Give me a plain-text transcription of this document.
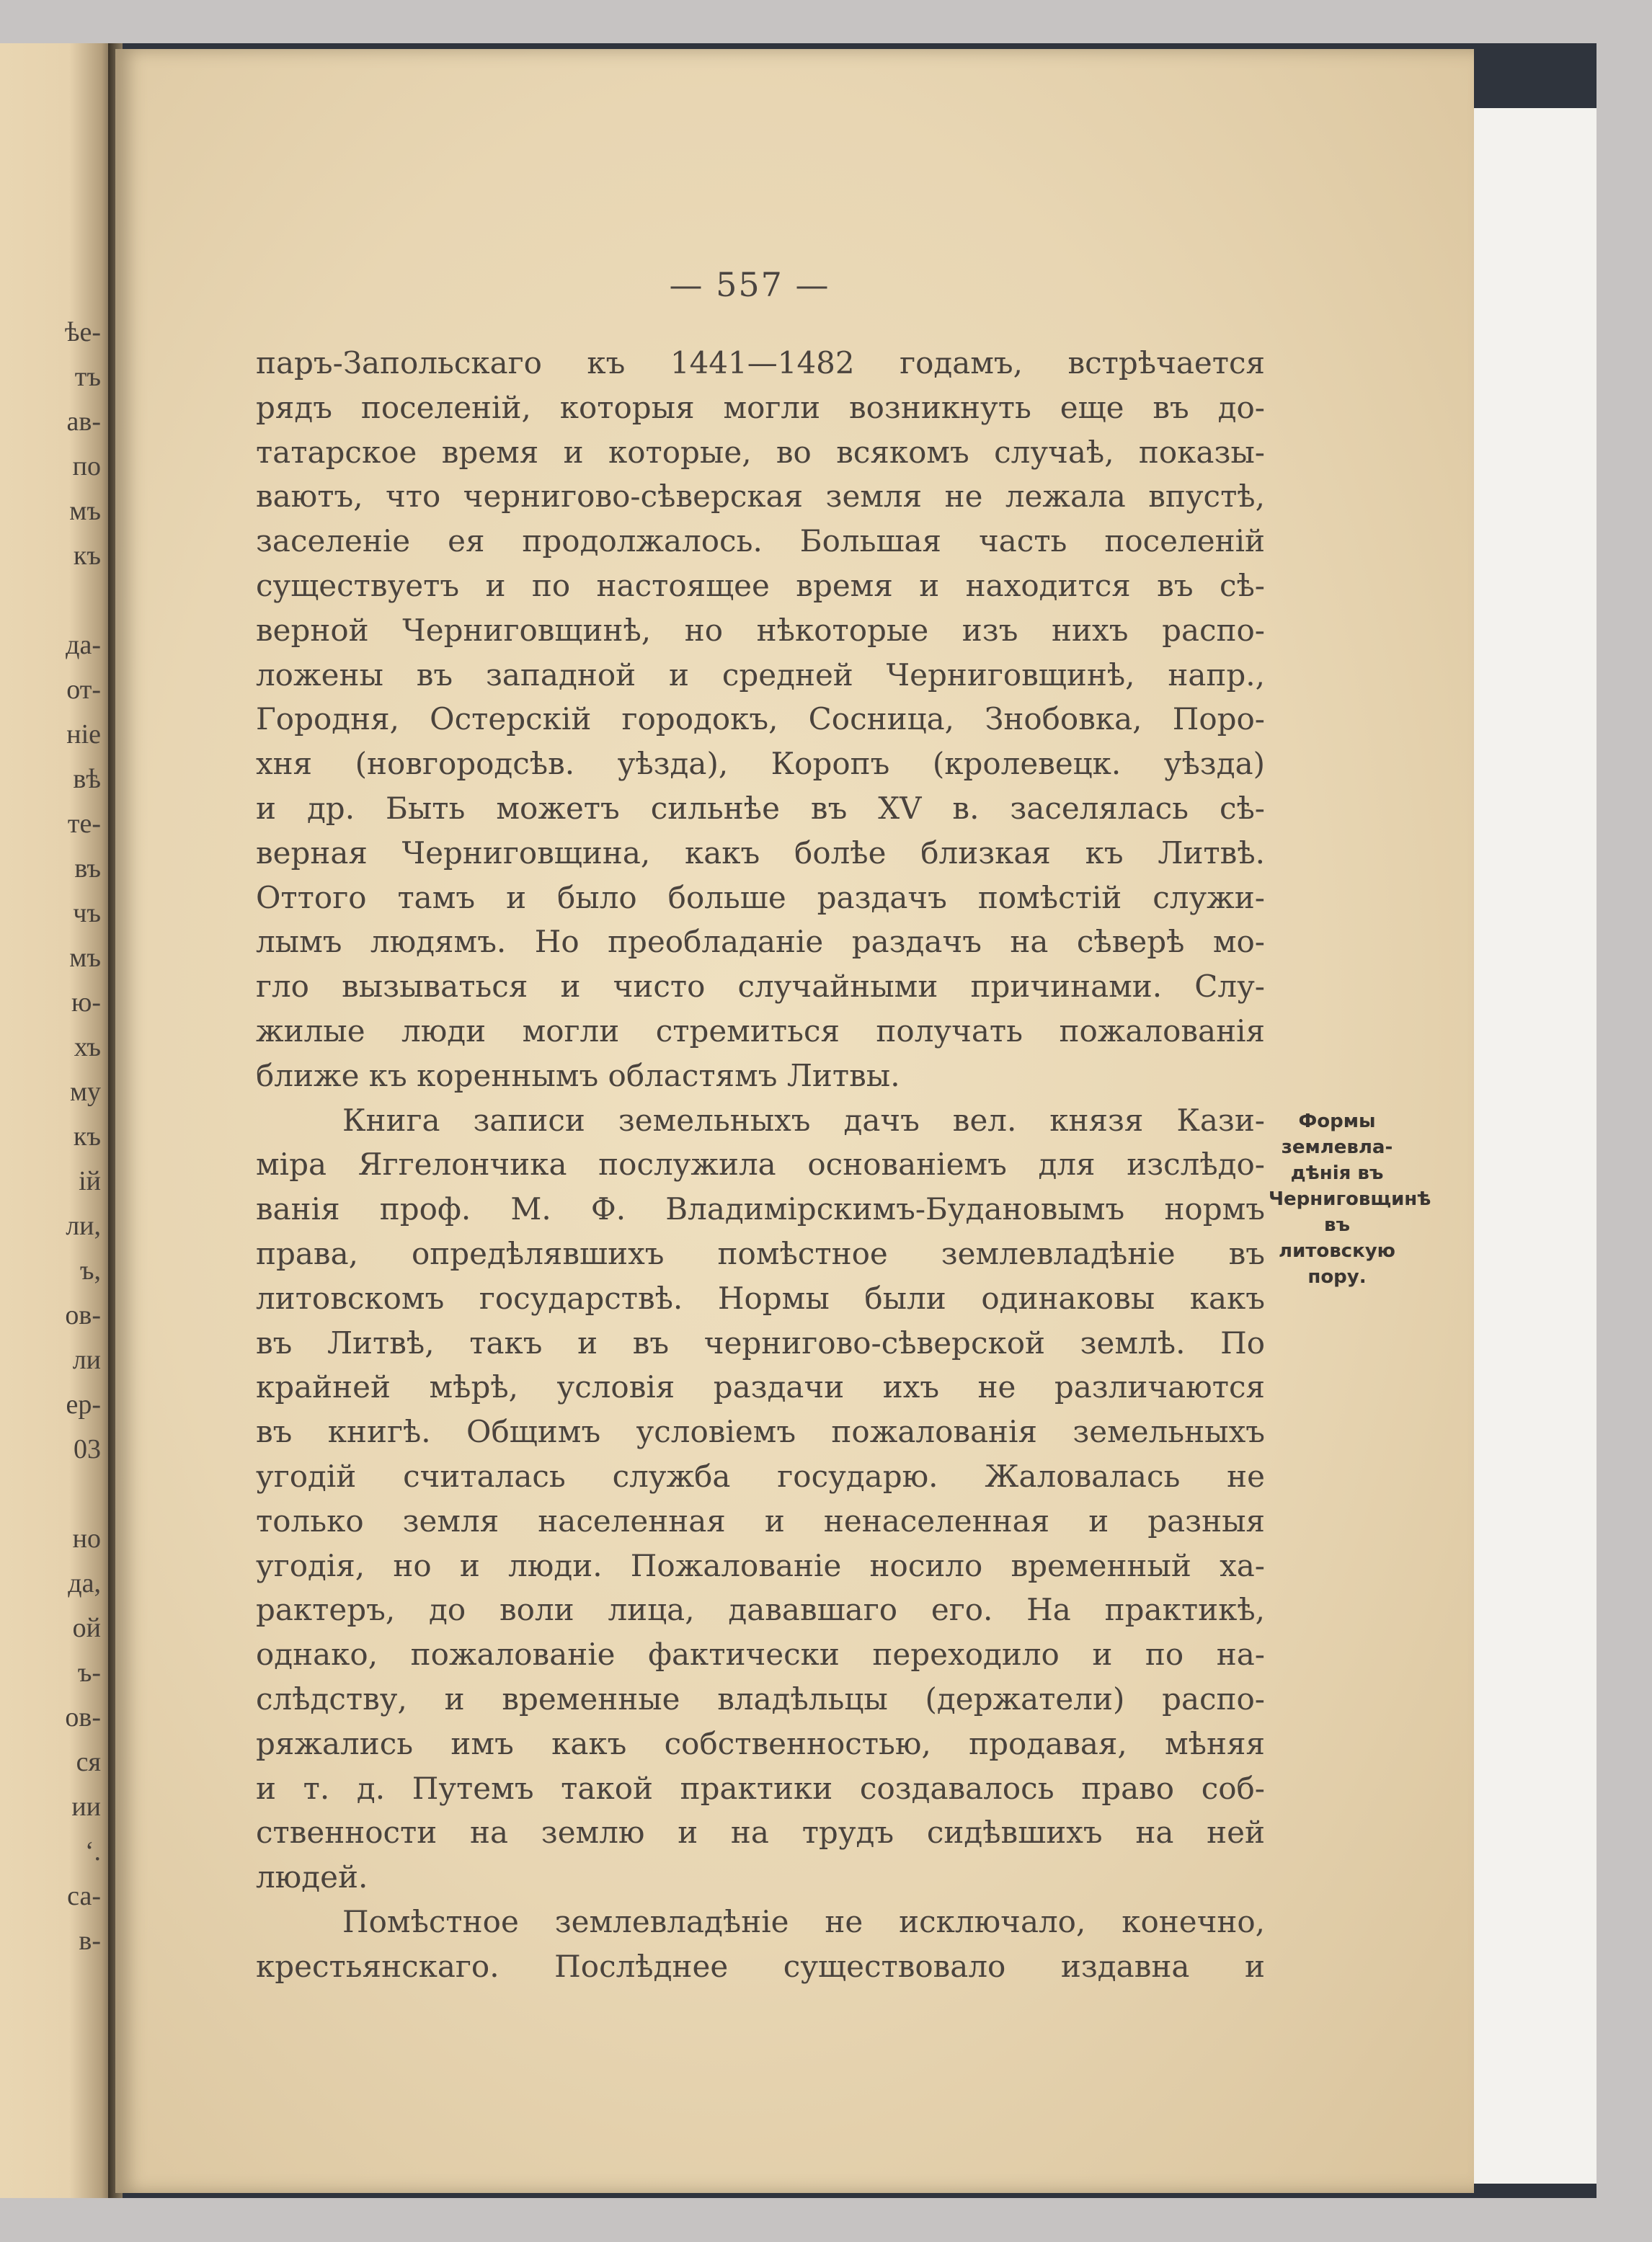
ѣе-
тъ
ав-
по
мъ
къ
да-
от-
ніе
вѣ
те-
въ
чъ
мъ
ю-
хъ
му
къ
ій
ли,
ъ,
ов-
ли
ер-
03
но
да,
ой
ъ-
ов-
ся
ии
ʻ.
са-
в-
— 557 —
паръ-Запольскаго къ 1441—1482 годамъ, встрѣчается
рядъ поселеній, которыя могли возникнуть еще въ до-
татарское время и которые, во всякомъ случаѣ, показы-
ваютъ, что черниговo-сѣверская земля не лежала впустѣ,
заселеніе ея продолжалось. Большая часть поселеній
существуетъ и по настоящее время и находится въ сѣ-
верной Черниговщинѣ, но нѣкоторые изъ нихъ распо-
ложены въ западной и средней Черниговщинѣ, напр.,
Городня, Остерскій городокъ, Сосница, Знобовка, Поро-
хня (новгородсѣв. уѣзда), Коропъ (кролевецк. уѣзда)
и др. Быть можетъ сильнѣе въ XV в. заселялась сѣ-
верная Черниговщина, какъ болѣе близкая къ Литвѣ.
Оттого тамъ и было больше раздачъ помѣстій служи-
лымъ людямъ. Но преобладаніе раздачъ на сѣверѣ мо-
гло вызываться и чисто случайными причинами. Слу-
жилые люди могли стремиться получать пожалованія
ближе къ кореннымъ областямъ Литвы.
Книга записи земельныхъ дачъ вел. князя Кази-
міра Яггелончика послужила основаніемъ для изслѣдо-
ванія проф. М. Ф. Владимірскимъ-Будановымъ нормъ
права, опредѣлявшихъ помѣстное землевладѣніе въ
литовскомъ государствѣ. Нормы были одинаковы какъ
въ Литвѣ, такъ и въ черниговo-сѣверской землѣ. По
крайней мѣрѣ, условія раздачи ихъ не различаются
въ книгѣ. Общимъ условіемъ пожалованія земельныхъ
угодій считалась служба государю. Жаловалась не
только земля населенная и ненаселенная и разныя
угодія, но и люди. Пожалованіе носило временный ха-
рактеръ, до воли лица, дававшаго его. На практикѣ,
однако, пожалованіе фактически переходило и по на-
слѣдству, и временные владѣльцы (держатели) распо-
ряжались имъ какъ собственностью, продавая, мѣняя
и т. д. Путемъ такой практики создавалось право соб-
ственности на землю и на трудъ сидѣвшихъ на ней
людей.
Помѣстное землевладѣніе не исключало, конечно,
крестьянскаго. Послѣднее существовало издавна и
Формы
землевла-
дѣнія въ
Черниговщинѣ въ
литовскую
пору.
